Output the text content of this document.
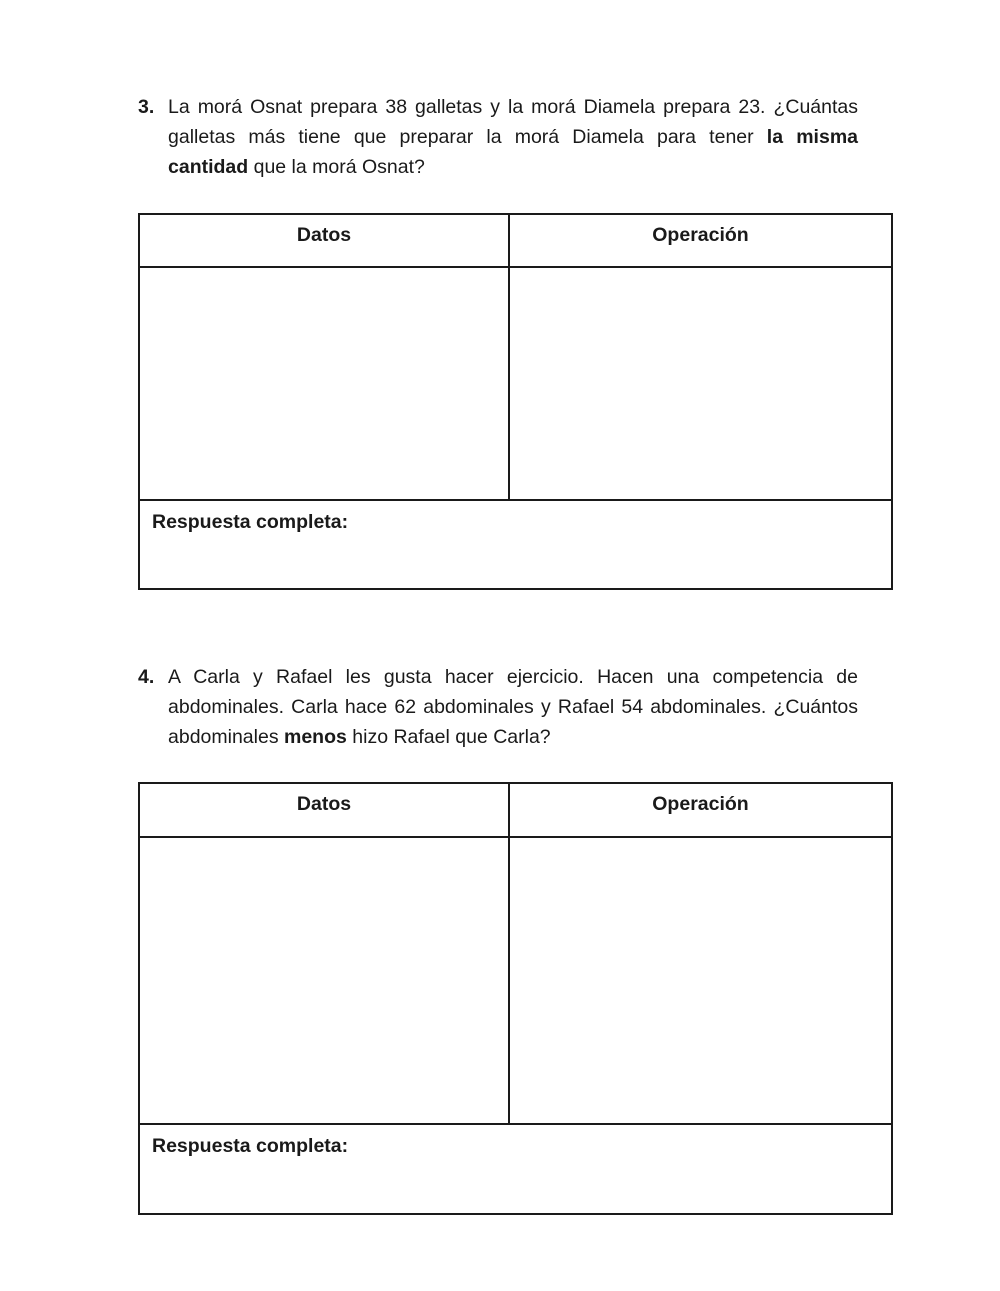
3. La morá Osnat prepara 38 galletas y la morá Diamela prepara 23. ¿Cuántas galletas más tiene que preparar la morá Diamela para tener la misma cantidad que la morá Osnat?
Datos	Operación

Respuesta completa:	
4. A Carla y Rafael les gusta hacer ejercicio. Hacen una competencia de abdominales. Carla hace 62 abdominales y Rafael 54 abdominales. ¿Cuántos abdominales menos hizo Rafael que Carla?
Datos	Operación

Respuesta completa:	
